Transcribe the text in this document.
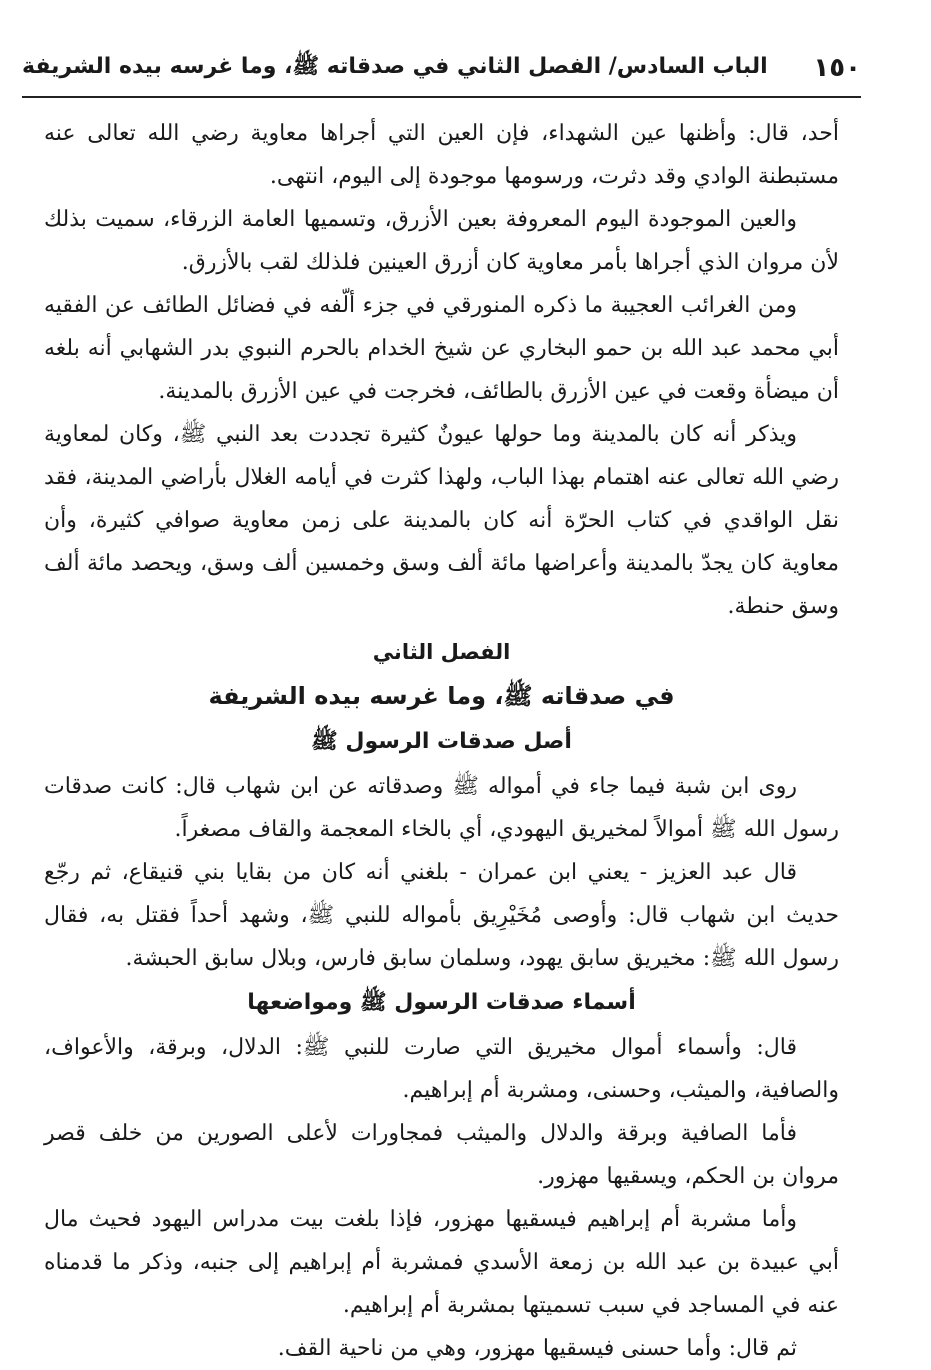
١٥٠
الباب السادس/ الفصل الثاني في صدقاته ﷺ، وما غرسه بيده الشريفة

أحد، قال: وأظنها عين الشهداء، فإن العين التي أجراها معاوية رضي الله تعالى عنه مستبطنة الوادي وقد دثرت، ورسومها موجودة إلى اليوم، انتهى.

والعين الموجودة اليوم المعروفة بعين الأزرق، وتسميها العامة الزرقاء، سميت بذلك لأن مروان الذي أجراها بأمر معاوية كان أزرق العينين فلذلك لقب بالأزرق.

ومن الغرائب العجيبة ما ذكره المنورقي في جزء ألّفه في فضائل الطائف عن الفقيه أبي محمد عبد الله بن حمو البخاري عن شيخ الخدام بالحرم النبوي بدر الشهابي أنه بلغه أن ميضأة وقعت في عين الأزرق بالطائف، فخرجت في عين الأزرق بالمدينة.

ويذكر أنه كان بالمدينة وما حولها عيونٌ كثيرة تجددت بعد النبي ﷺ، وكان لمعاوية رضي الله تعالى عنه اهتمام بهذا الباب، ولهذا كثرت في أيامه الغلال بأراضي المدينة، فقد نقل الواقدي في كتاب الحرّة أنه كان بالمدينة على زمن معاوية صوافي كثيرة، وأن معاوية كان يجدّ بالمدينة وأعراضها مائة ألف وسق وخمسين ألف وسق، ويحصد مائة ألف وسق حنطة.

الفصل الثاني

في صدقاته ﷺ، وما غرسه بيده الشريفة

أصل صدقات الرسول ﷺ

روى ابن شبة فيما جاء في أمواله ﷺ وصدقاته عن ابن شهاب قال: كانت صدقات رسول الله ﷺ أموالاً لمخيريق اليهودي، أي بالخاء المعجمة والقاف مصغراً.

قال عبد العزيز - يعني ابن عمران - بلغني أنه كان من بقايا بني قنيقاع، ثم رجّع حديث ابن شهاب قال: وأوصى مُخَيْرِيق بأمواله للنبي ﷺ، وشهد أحداً فقتل به، فقال رسول الله ﷺ: مخيريق سابق يهود، وسلمان سابق فارس، وبلال سابق الحبشة.

أسماء صدقات الرسول ﷺ ومواضعها

قال: وأسماء أموال مخيريق التي صارت للنبي ﷺ: الدلال، وبرقة، والأعواف، والصافية، والميثب، وحسنى، ومشربة أم إبراهيم.

فأما الصافية وبرقة والدلال والميثب فمجاورات لأعلى الصورين من خلف قصر مروان بن الحكم، ويسقيها مهزور.

وأما مشربة أم إبراهيم فيسقيها مهزور، فإذا بلغت بيت مدراس اليهود فحيث مال أبي عبيدة بن عبد الله بن زمعة الأسدي فمشربة أم إبراهيم إلى جنبه، وذكر ما قدمناه عنه في المساجد في سبب تسميتها بمشربة أم إبراهيم.

ثم قال: وأما حسنى فيسقيها مهزور، وهي من ناحية القف.
